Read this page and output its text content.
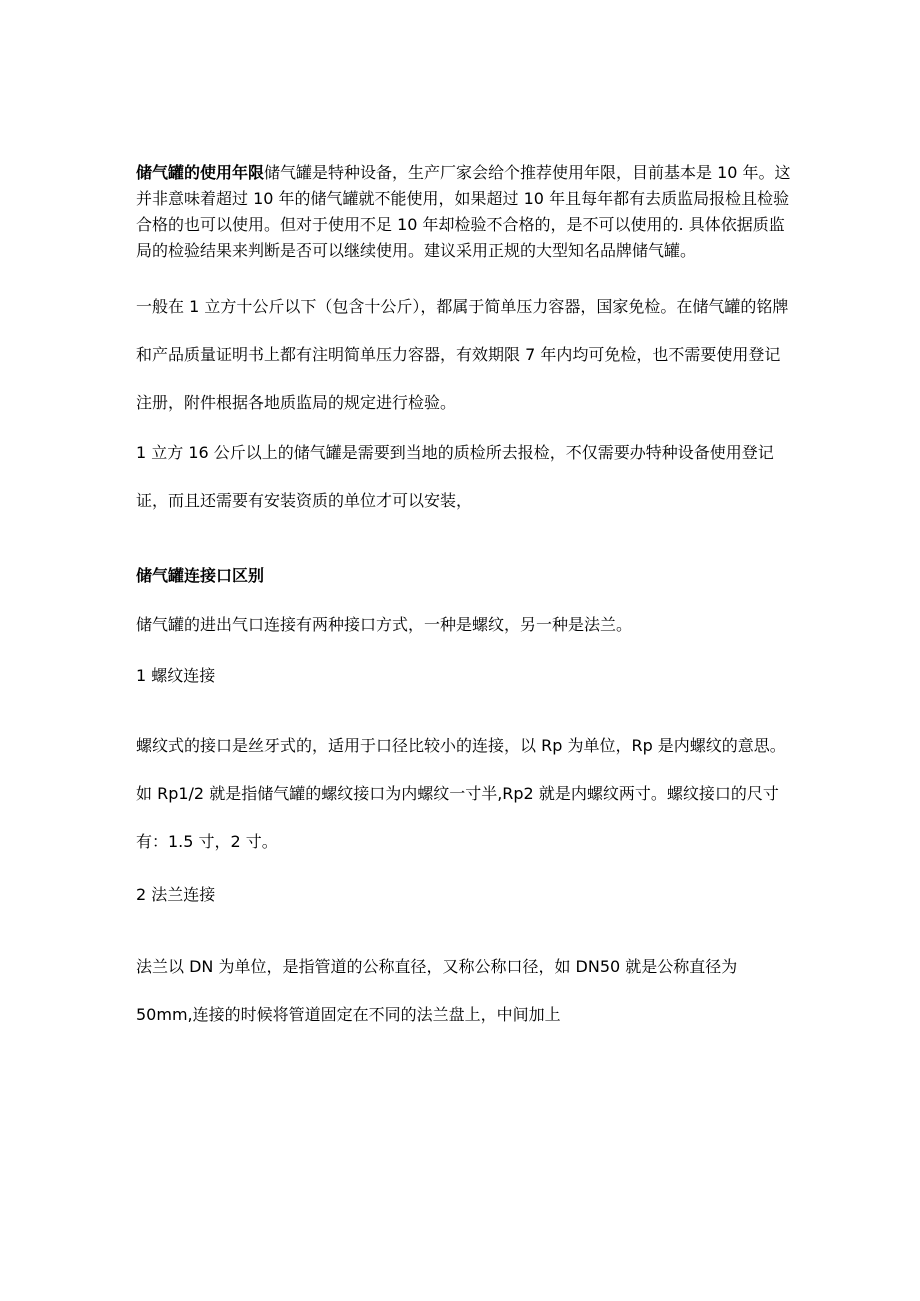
储气罐的使用年限储气罐是特种设备，生产厂家会给个推荐使用年限，目前基本是 10 年。这并非意味着超过 10 年的储气罐就不能使用，如果超过 10 年且每年都有去质监局报检且检验合格的也可以使用。但对于使用不足 10 年却检验不合格的，是不可以使用的. 具体依据质监局的检验结果来判断是否可以继续使用。建议采用正规的大型知名品牌储气罐。

一般在 1 立方十公斤以下（包含十公斤），都属于简单压力容器，国家免检。在储气罐的铭牌和产品质量证明书上都有注明简单压力容器，有效期限 7 年内均可免检，也不需要使用登记注册，附件根据各地质监局的规定进行检验。

1 立方 16 公斤以上的储气罐是需要到当地的质检所去报检，不仅需要办特种设备使用登记证，而且还需要有安装资质的单位才可以安装，

储气罐连接口区别

储气罐的进出气口连接有两种接口方式，一种是螺纹，另一种是法兰。

1 螺纹连接

螺纹式的接口是丝牙式的，适用于口径比较小的连接，以 Rp 为单位，Rp 是内螺纹的意思。如 Rp1/2 就是指储气罐的螺纹接口为内螺纹一寸半,Rp2 就是内螺纹两寸。螺纹接口的尺寸有：1.5 寸，2 寸。

2 法兰连接

法兰以 DN 为单位，是指管道的公称直径，又称公称口径，如 DN50 就是公称直径为 50mm,连接的时候将管道固定在不同的法兰盘上，中间加上
